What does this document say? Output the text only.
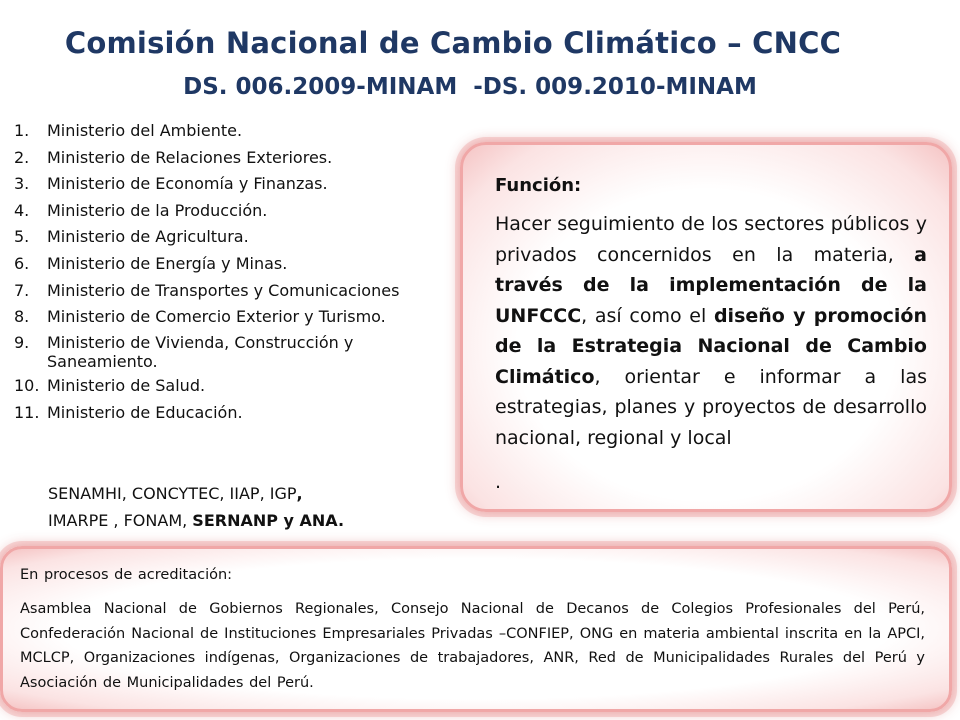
Comisión Nacional de Cambio Climático – CNCC
DS. 006.2009-MINAM  -DS. 009.2010-MINAM
1.	Ministerio del Ambiente.
2.	Ministerio de Relaciones Exteriores.
3.	Ministerio de Economía y Finanzas.
4.	Ministerio de la Producción.
5.	Ministerio de Agricultura.
6.	Ministerio de Energía y Minas.
7.	Ministerio de Transportes y Comunicaciones
8.	Ministerio de Comercio Exterior y Turismo.
9.	Ministerio de Vivienda, Construcción y Saneamiento.
10. Ministerio de Salud.
11. Ministerio de Educación.
SENAMHI, CONCYTEC, IIAP, IGP,
IMARPE , FONAM, SERNANP y ANA.
Función:
Hacer seguimiento de los sectores públicos y privados concernidos en la materia, a través de la implementación de la UNFCCC, así como el diseño y promoción de la Estrategia Nacional de Cambio Climático, orientar e informar a las estrategias, planes y proyectos de desarrollo nacional, regional y local
.
En procesos de acreditación:
Asamblea Nacional de Gobiernos Regionales, Consejo Nacional de Decanos de Colegios Profesionales del Perú, Confederación Nacional de Instituciones Empresariales Privadas –CONFIEP, ONG en materia ambiental inscrita en la APCI, MCLCP, Organizaciones indígenas, Organizaciones de trabajadores, ANR, Red de Municipalidades Rurales del Perú y Asociación de Municipalidades del Perú.
